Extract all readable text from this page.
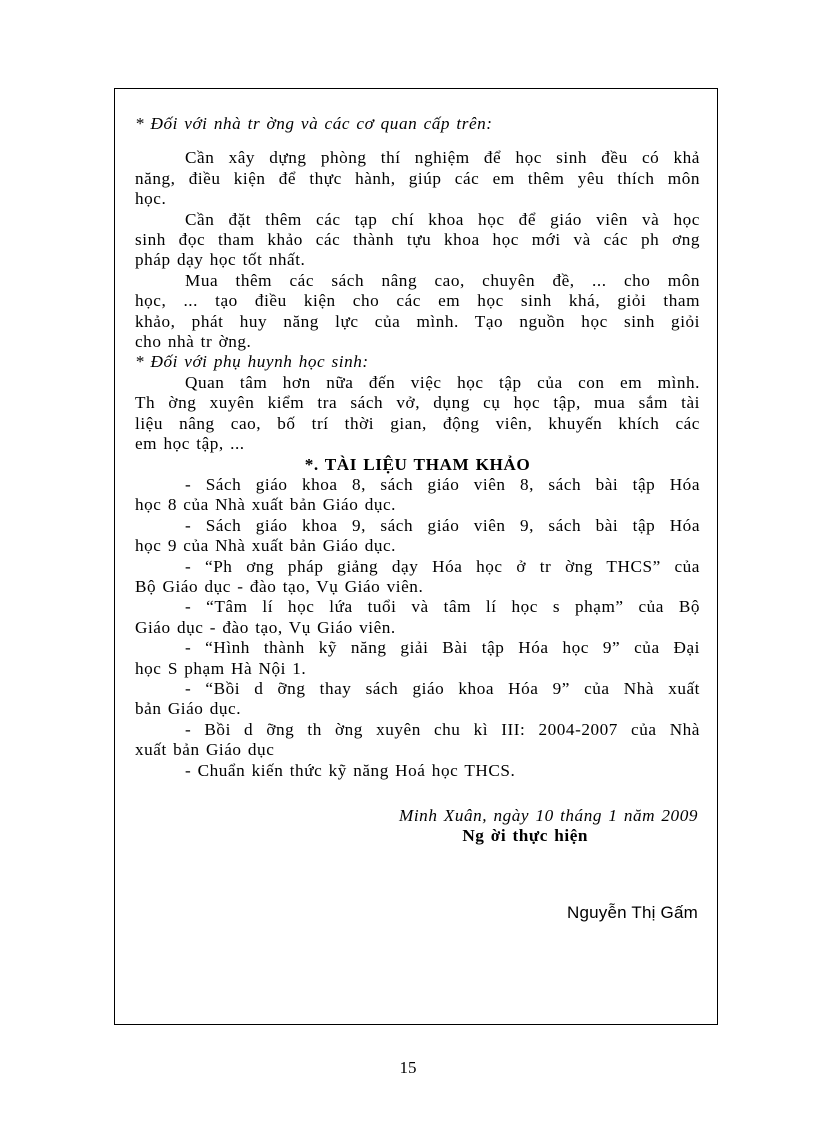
* Đối với nhà tr ờng và các cơ quan cấp trên:
Cần xây dựng phòng thí nghiệm để học sinh đều có khả
năng, điều kiện để thực hành, giúp các em thêm yêu thích môn
học.
Cần đặt thêm các tạp chí khoa học để giáo viên và học
sinh đọc tham khảo các thành tựu khoa học mới và các ph ơng
pháp dạy học tốt nhất.
Mua thêm các sách nâng cao, chuyên đề, ... cho môn
học, ... tạo điều kiện cho các em học sinh khá, giỏi tham
khảo, phát huy năng lực của mình. Tạo nguồn học sinh giỏi
cho nhà tr ờng.
* Đối với phụ huynh học sinh:
Quan tâm hơn nữa đến việc học tập của con em mình.
Th ờng xuyên kiểm tra sách vở, dụng cụ học tập, mua sắm tài
liệu nâng cao, bố trí thời gian, động viên, khuyến khích các
em học tập, ...
*. TÀI LIỆU THAM KHẢO
- Sách giáo khoa 8, sách giáo viên 8, sách bài tập Hóa
học 8 của Nhà xuất bản Giáo dục.
- Sách giáo khoa 9, sách giáo viên 9, sách bài tập Hóa
học 9 của Nhà xuất bản Giáo dục.
- “Ph ơng pháp giảng dạy Hóa học ở tr ờng THCS” của
Bộ Giáo dục - đào tạo, Vụ Giáo viên.
- “Tâm lí học lứa tuổi và tâm lí học s phạm” của Bộ
Giáo dục - đào tạo, Vụ Giáo viên.
- “Hình thành kỹ năng giải Bài tập Hóa học 9” của Đại
học S phạm Hà Nội 1.
- “Bồi d ỡng thay sách giáo khoa Hóa 9” của Nhà xuất
bản Giáo dục.
- Bồi d ỡng th ờng xuyên chu kì III: 2004-2007 của Nhà
xuất bản Giáo dục
- Chuẩn kiến thức kỹ năng Hoá học THCS.
Minh Xuân, ngày 10 tháng 1 năm 2009
Ng ời thực hiện
Nguyễn Thị Gấm
15
